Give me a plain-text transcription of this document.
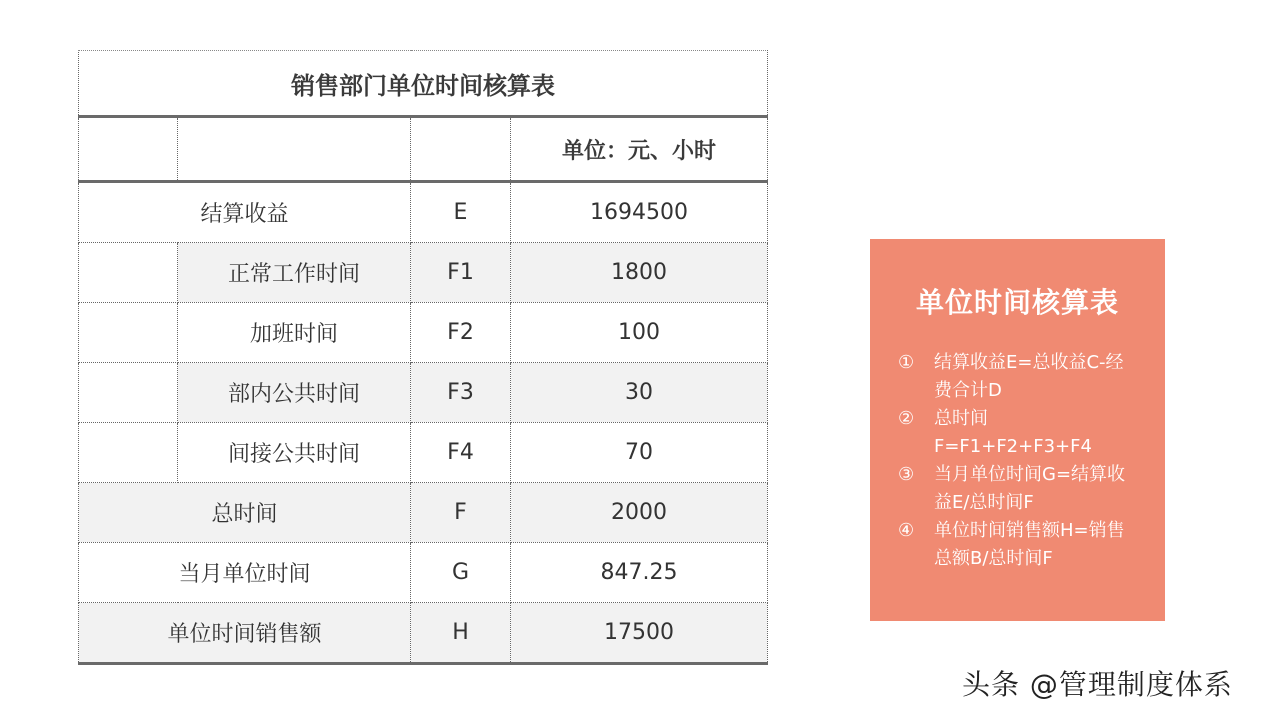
销售部门单位时间核算表			
			单位：元、小时
结算收益		E	1694500
	正常工作时间	F1	1800
	加班时间	F2	100
	部内公共时间	F3	30
	间接公共时间	F4	70
总时间		F	2000
当月单位时间		G	847.25
单位时间销售额		H	17500
单位时间核算表

① 结算收益E=总收益C-经费合计D

② 总时间F=F1+F2+F3+F4

③ 当月单位时间G=结算收益E/总时间F

④ 单位时间销售额H=销售总额B/总时间F

头条 @管理制度体系
